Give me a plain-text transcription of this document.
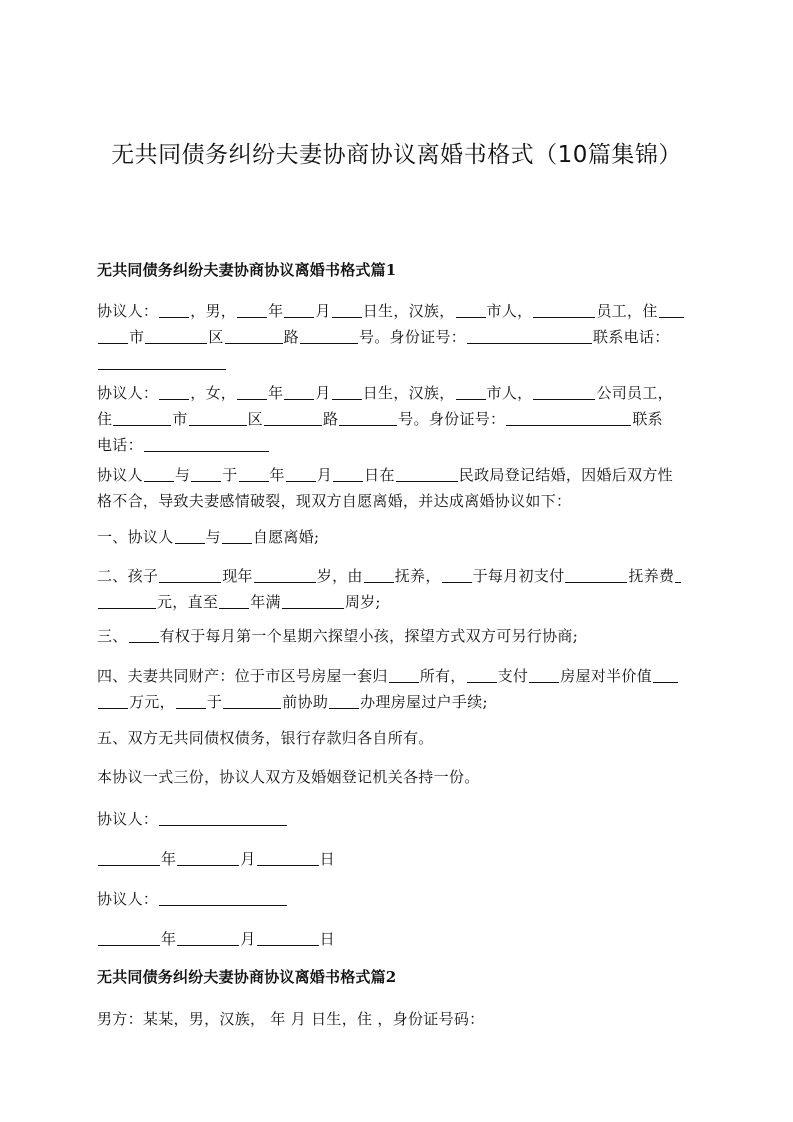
无共同债务纠纷夫妻协商协议离婚书格式（10篇集锦）
无共同债务纠纷夫妻协商协议离婚书格式篇1
协议人： ，男， 年 月 日生，汉族， 市人，	员工，住
市	区	路	号。身份证号：	联系电话：
协议人： ，女， 年 月 日生，汉族， 市人，	公司员工，
住	市	区	路	号。身份证号：	联系
电话：
协议人 与 于 年 月 日在	民政局登记结婚，因婚后双方性
格不合，导致夫妻感情破裂，现双方自愿离婚，并达成离婚协议如下：
一、协议人 与 自愿离婚;
二、孩子	现年	岁，由 抚养， 于每月初支付	抚养费
元，直至 年满	周岁;
三、 有权于每月第一个星期六探望小孩，探望方式双方可另行协商;
四、夫妻共同财产：位于市区号房屋一套归 所有， 支付 房屋对半价值
万元， 于	前协助 办理房屋过户手续;
五、双方无共同债权债务，银行存款归各自所有。
本协议一式三份，协议人双方及婚姻登记机关各持一份。
协议人：
年	月	日
协议人：
年	月	日
无共同债务纠纷夫妻协商协议离婚书格式篇2
男方：某某，男，汉族， 年 月 日生，住 ，身份证号码：
